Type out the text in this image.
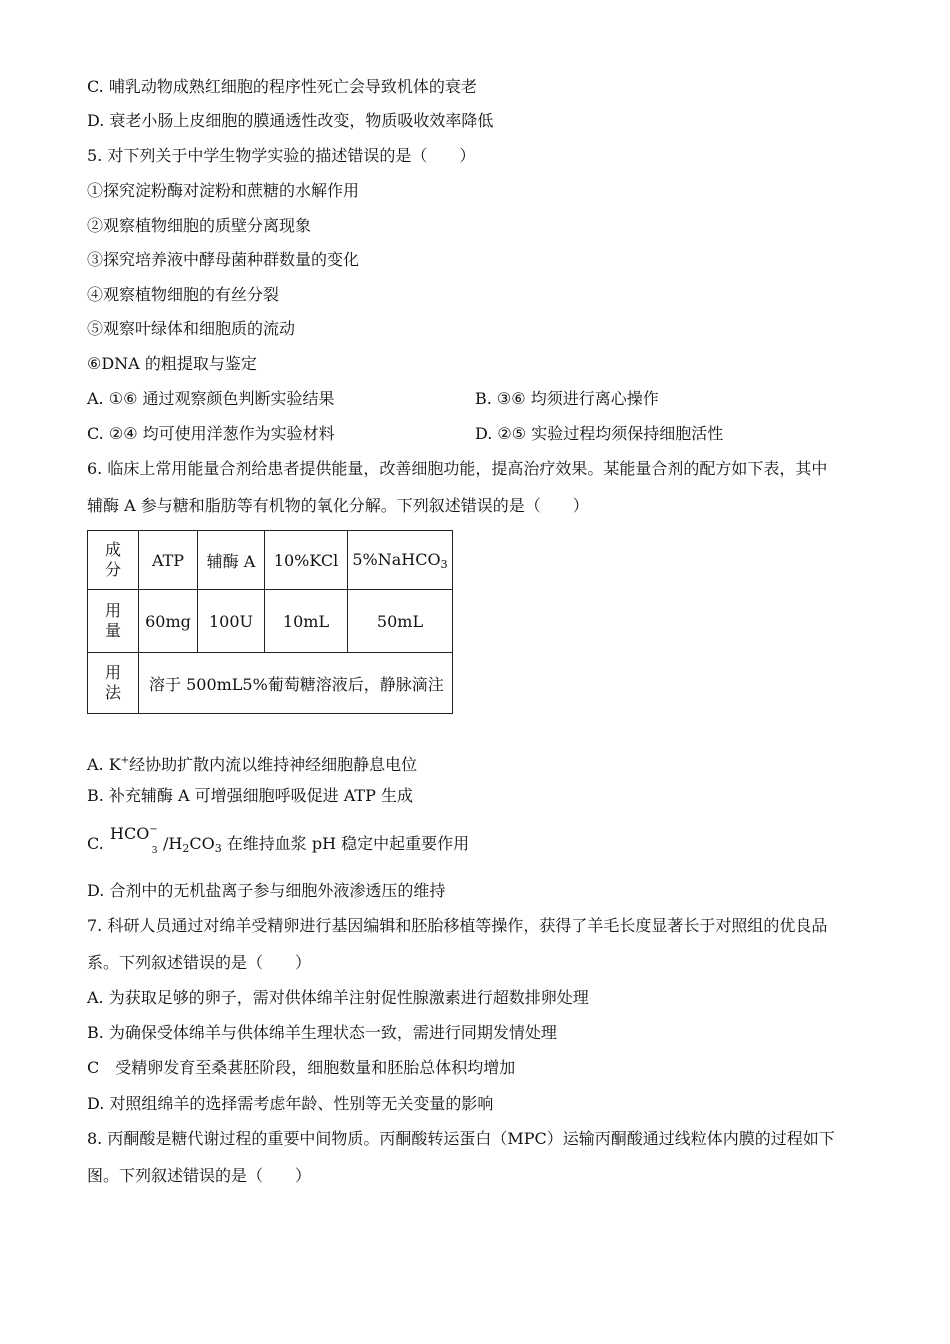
C. 哺乳动物成熟红细胞的程序性死亡会导致机体的衰老
D. 衰老小肠上皮细胞的膜通透性改变，物质吸收效率降低
5. 对下列关于中学生物学实验的描述错误的是（　　）
①探究淀粉酶对淀粉和蔗糖的水解作用
②观察植物细胞的质壁分离现象
③探究培养液中酵母菌种群数量的变化
④观察植物细胞的有丝分裂
⑤观察叶绿体和细胞质的流动
⑥DNA 的粗提取与鉴定
A. ①⑥ 通过观察颜色判断实验结果	B. ③⑥ 均须进行离心操作
C. ②④ 均可使用洋葱作为实验材料	D. ②⑤ 实验过程均须保持细胞活性
6. 临床上常用能量合剂给患者提供能量，改善细胞功能，提高治疗效果。某能量合剂的配方如下表，其中
辅酶 A 参与糖和脂肪等有机物的氧化分解。下列叙述错误的是（　　）
成分	ATP	辅酶 A	10%KCl	5%NaHCO$_3$
用量	60mg	100U	10mL	50mL
用法	溶于 500mL5%葡萄糖溶液后，静脉滴注			
A. K+经协助扩散内流以维持神经细胞静息电位
B. 补充辅酶 A 可增强细胞呼吸促进 ATP 生成
C.
$HCO^-_3$ $/H_2CO_3$ 在维持血浆 pH 稳定中起重要作用
D. 合剂中的无机盐离子参与细胞外液渗透压的维持
7. 科研人员通过对绵羊受精卵进行基因编辑和胚胎移植等操作，获得了羊毛长度显著长于对照组的优良品
系。下列叙述错误的是（　　）
A. 为获取足够的卵子，需对供体绵羊注射促性腺激素进行超数排卵处理
B. 为确保受体绵羊与供体绵羊生理状态一致，需进行同期发情处理
C　受精卵发育至桑葚胚阶段，细胞数量和胚胎总体积均增加
D. 对照组绵羊的选择需考虑年龄、性别等无关变量的影响
8. 丙酮酸是糖代谢过程的重要中间物质。丙酮酸转运蛋白（MPC）运输丙酮酸通过线粒体内膜的过程如下
图。下列叙述错误的是（　　）
